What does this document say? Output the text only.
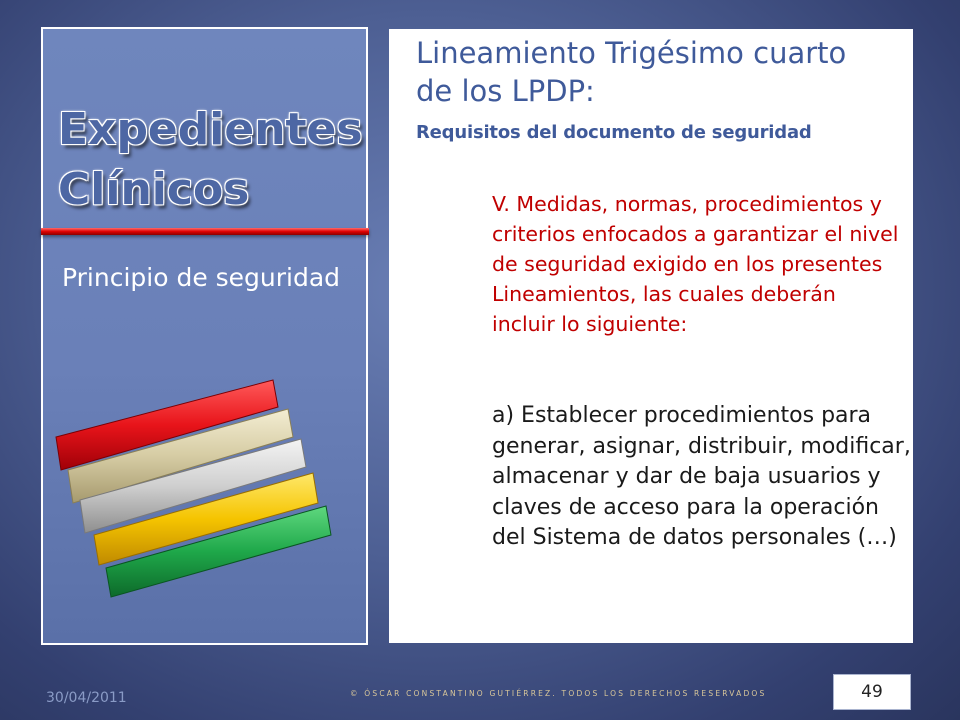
Expedientes
Clínicos
Principio de seguridad
Lineamiento Trigésimo cuarto de los LPDP:
Requisitos del documento de seguridad
V. Medidas, normas, procedimientos y criterios enfocados a garantizar el nivel de seguridad exigido en los presentes Lineamientos, las cuales deberán incluir lo siguiente:
a) Establecer procedimientos para generar, asignar, distribuir, modificar, almacenar y dar de baja usuarios y claves de acceso para la operación del Sistema de datos personales (…)
30/04/2011	© ÓSCAR CONSTANTINO GUTIÉRREZ. TODOS LOS DERECHOS RESERVADOS	49
